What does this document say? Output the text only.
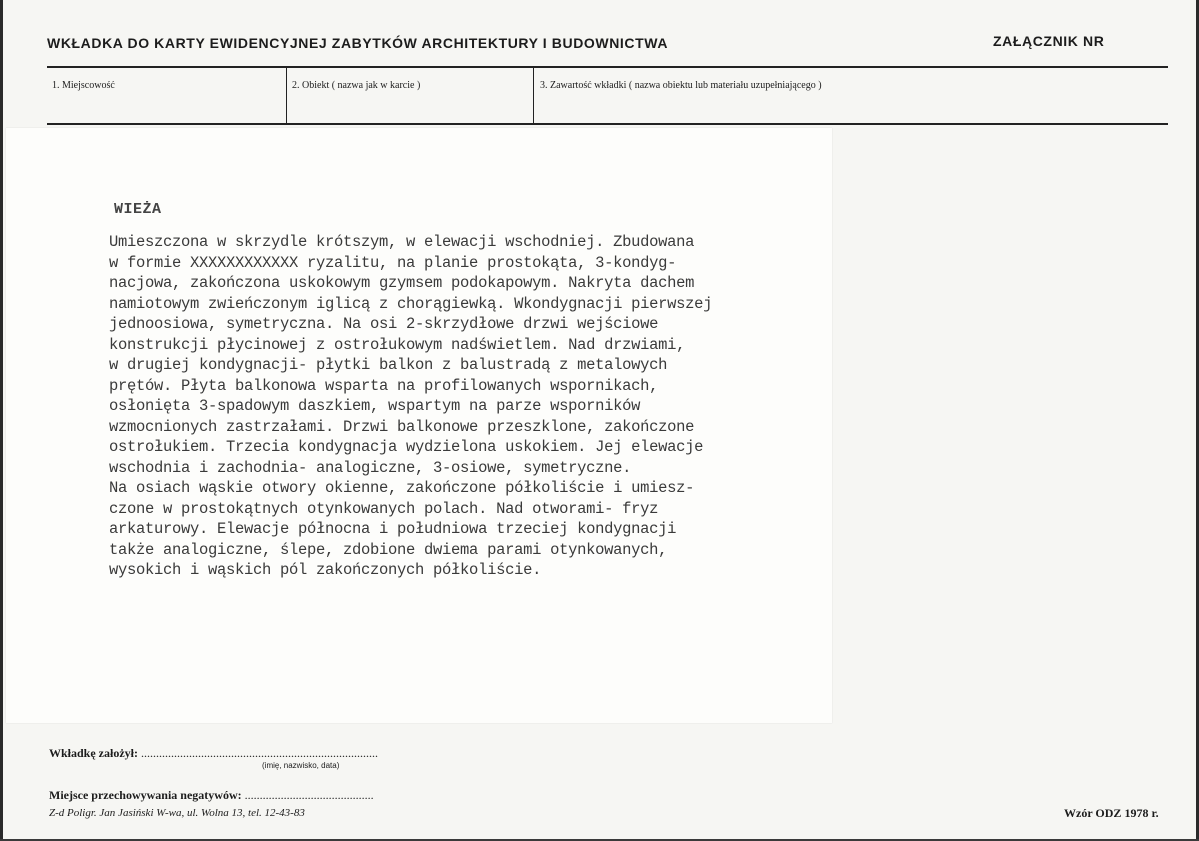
WKŁADKA DO KARTY EWIDENCYJNEJ ZABYTKÓW ARCHITEKTURY I BUDOWNICTWA	ZAŁĄCZNIK NR
1. Miejscowość	2. Obiekt ( nazwa jak w karcie )	3. Zawartość wkładki ( nazwa obiektu lub materiału uzupełniającego )
WIEŻA
Umieszczona w skrzydle krótszym, w elewacji wschodniej. Zbudowana
w formie XXXXXXXXXXXX ryzalitu, na planie prostokąta, 3-kondyg-
nacjowa, zakończona uskokowym gzymsem podokapowym. Nakryta dachem
namiotowym zwieńczonym iglicą z chorągiewką. Wkondygnacji pierwszej
jednoosiowa, symetryczna. Na osi 2-skrzydłowe drzwi wejściowe
konstrukcji płycinowej z ostrołukowym nadświetlem. Nad drzwiami,
w drugiej kondygnacji- płytki balkon z balustradą z metalowych
prętów. Płyta balkonowa wsparta na profilowanych wspornikach,
osłonięta 3-spadowym daszkiem, wspartym na parze wsporników
wzmocnionych zastrzałami. Drzwi balkonowe przeszklone, zakończone
ostrołukiem. Trzecia kondygnacja wydzielona uskokiem. Jej elewacje
wschodnia i zachodnia- analogiczne, 3-osiowe, symetryczne.
Na osiach wąskie otwory okienne, zakończone półkoliście i umiesz-
czone w prostokątnych otynkowanych polach. Nad otworami- fryz
arkaturowy. Elewacje północna i południowa trzeciej kondygnacji
także analogiczne, ślepe, zdobione dwiema parami otynkowanych,
wysokich i wąskich pól zakończonych półkoliście.
Wkładkę założył: ...............................................................................
(imię, nazwisko, data)
Miejsce przechowywania negatywów: ...........................................
Z-d Poligr. Jan Jasiński W-wa, ul. Wolna 13, tel. 12-43-83	Wzór ODZ 1978 r.
